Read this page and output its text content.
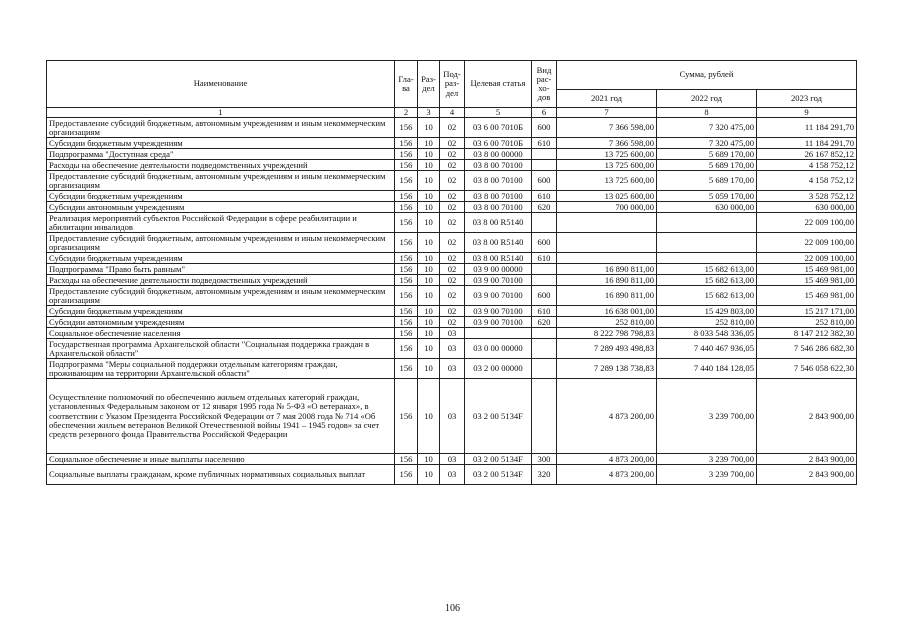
Наименование	Гла-ва	Раз-дел	Под-раз-дел	Целевая статья	Вид рас-хо-дов	Сумма, рублей		
						2021 год	2022 год	2023 год
1	2	3	4	5	6	7	8	9
Предоставление субсидий бюджетным, автономным учреждениям и иным некоммерческим организациям	156	10	02	03 6 00 7010Б	600	7 366 598,00	7 320 475,00	11 184 291,70
Субсидии бюджетным учреждениям	156	10	02	03 6 00 7010Б	610	7 366 598,00	7 320 475,00	11 184 291,70
Подпрограмма "Доступная среда"	156	10	02	03 8 00 00000		13 725 600,00	5 689 170,00	26 167 852,12
Расходы на обеспечение деятельности подведомственных учреждений	156	10	02	03 8 00 70100		13 725 600,00	5 689 170,00	4 158 752,12
Предоставление субсидий бюджетным, автономным учреждениям и иным некоммерческим организациям	156	10	02	03 8 00 70100	600	13 725 600,00	5 689 170,00	4 158 752,12
Субсидии бюджетным учреждениям	156	10	02	03 8 00 70100	610	13 025 600,00	5 059 170,00	3 528 752,12
Субсидии автономным учреждениям	156	10	02	03 8 00 70100	620	700 000,00	630 000,00	630 000,00
Реализация мероприятий субъектов Российской Федерации в сфере реабилитации и абилитации инвалидов	156	10	02	03 8 00 R5140				22 009 100,00
Предоставление субсидий бюджетным, автономным учреждениям и иным некоммерческим организациям	156	10	02	03 8 00 R5140	600			22 009 100,00
Субсидии бюджетным учреждениям	156	10	02	03 8 00 R5140	610			22 009 100,00
Подпрограмма "Право быть равным"	156	10	02	03 9 00 00000		16 890 811,00	15 682 613,00	15 469 981,00
Расходы на обеспечение деятельности подведомственных учреждений	156	10	02	03 9 00 70100		16 890 811,00	15 682 613,00	15 469 981,00
Предоставление субсидий бюджетным, автономным учреждениям и иным некоммерческим организациям	156	10	02	03 9 00 70100	600	16 890 811,00	15 682 613,00	15 469 981,00
Субсидии бюджетным учреждениям	156	10	02	03 9 00 70100	610	16 638 001,00	15 429 803,00	15 217 171,00
Субсидии автономным учреждениям	156	10	02	03 9 00 70100	620	252 810,00	252 810,00	252 810,00
Социальное обеспечение населения	156	10	03			8 222 798 798,83	8 033 548 336,05	8 147 212 382,30
Государственная программа Архангельской области "Социальная поддержка граждан в Архангельской области"	156	10	03	03 0 00 00000		7 289 493 498,83	7 440 467 936,05	7 546 286 682,30
Подпрограмма "Меры социальной поддержки отдельным категориям граждан, проживающим на территории Архангельской области"	156	10	03	03 2 00 00000		7 289 138 738,83	7 440 184 128,05	7 546 058 622,30
Осуществление полномочий по обеспечению жильем отдельных категорий граждан, установленных Федеральным законом от 12 января 1995 года № 5-ФЗ «О ветеранах», в соответствии с Указом Президента Российской Федерации от 7 мая 2008 года № 714 «Об обеспечении жильем ветеранов Великой Отечественной войны 1941 – 1945 годов» за счет средств резервного фонда Правительства Российской Федерации	156	10	03	03 2 00 5134F		4 873 200,00	3 239 700,00	2 843 900,00
Социальное обеспечение и иные выплаты населению	156	10	03	03 2 00 5134F	300	4 873 200,00	3 239 700,00	2 843 900,00
Социальные выплаты гражданам, кроме публичных нормативных социальных выплат	156	10	03	03 2 00 5134F	320	4 873 200,00	3 239 700,00	2 843 900,00
106
